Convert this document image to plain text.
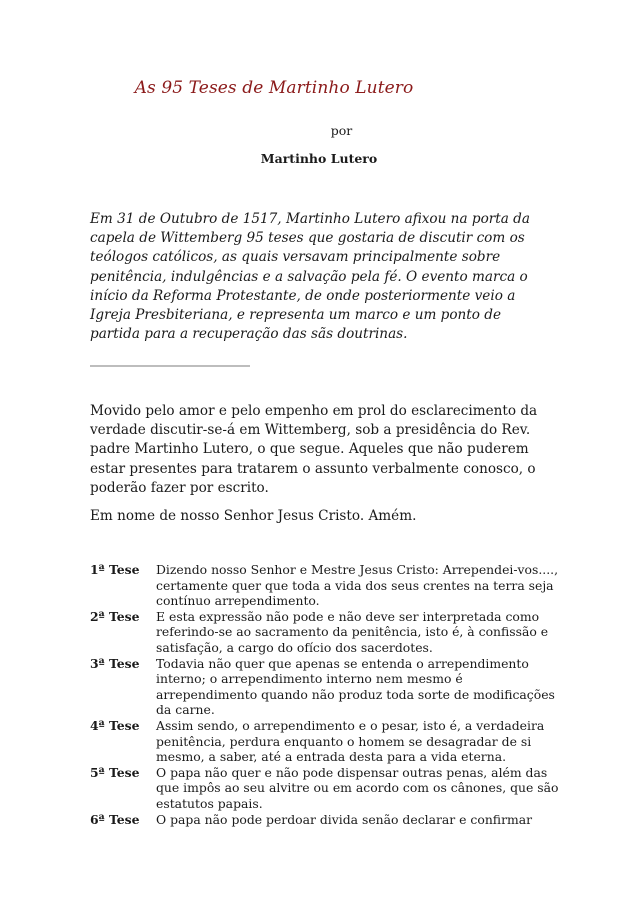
As 95 Teses de Martinho Lutero
por
Martinho Lutero

Em 31 de Outubro de 1517, Martinho Lutero afixou na porta da capela de Wittemberg 95 teses que gostaria de discutir com os teólogos católicos, as quais versavam principalmente sobre penitência, indulgências e a salvação pela fé. O evento marca o início da Reforma Protestante, de onde posteriormente veio a Igreja Presbiteriana, e representa um marco e um ponto de partida para a recuperação das sãs doutrinas.

Movido pelo amor e pelo empenho em prol do esclarecimento da verdade discutir-se-á em Wittemberg, sob a presidência do Rev. padre Martinho Lutero, o que segue. Aqueles que não puderem estar presentes para tratarem o assunto verbalmente conosco, o poderão fazer por escrito.

Em nome de nosso Senhor Jesus Cristo. Amém.

1ª Tese	Dizendo nosso Senhor e Mestre Jesus Cristo: Arrependei-vos...., certamente quer que toda a vida dos seus crentes na terra seja contínuo arrependimento.
2ª Tese	E esta expressão não pode e não deve ser interpretada como referindo-se ao sacramento da penitência, isto é, à confissão e satisfação, a cargo do ofício dos sacerdotes.
3ª Tese	Todavia não quer que apenas se entenda o arrependimento interno; o arrependimento interno nem mesmo é arrependimento quando não produz toda sorte de modificações da carne.
4ª Tese	Assim sendo, o arrependimento e o pesar, isto é, a verdadeira penitência, perdura enquanto o homem se desagradar de si mesmo, a saber, até a entrada desta para a vida eterna.
5ª Tese	O papa não quer e não pode dispensar outras penas, além das que impôs ao seu alvitre ou em acordo com os cânones, que são estatutos papais.
6ª Tese	O papa não pode perdoar divida senão declarar e confirmar
